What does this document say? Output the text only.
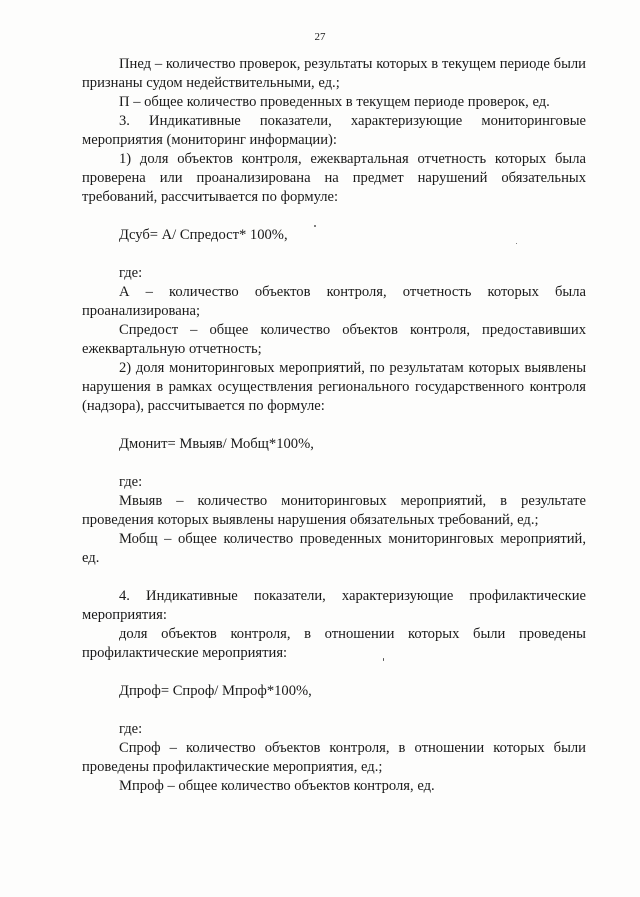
27

Пнед – количество проверок, результаты которых в текущем периоде были признаны судом недействительными, ед.;

П – общее количество проведенных в текущем периоде проверок, ед.

3. Индикативные показатели, характеризующие мониторинговые мероприятия (мониторинг информации):

1) доля объектов контроля, ежеквартальная отчетность которых была проверена или проанализирована на предмет нарушений обязательных требований, рассчитывается по формуле:

Дсуб= А/ Спредост* 100%,

где:

А – количество объектов контроля, отчетность которых была проанализирована;

Спредост – общее количество объектов контроля, предоставивших ежеквартальную отчетность;

2) доля мониторинговых мероприятий, по результатам которых выявлены нарушения в рамках осуществления регионального государственного контроля (надзора), рассчитывается по формуле:

Дмонит= Мвыяв/ Мобщ*100%,

где:

Мвыяв – количество мониторинговых мероприятий, в результате проведения которых выявлены нарушения обязательных требований, ед.;

Мобщ – общее количество проведенных мониторинговых мероприятий, ед.

4. Индикативные показатели, характеризующие профилактические мероприятия:

доля объектов контроля, в отношении которых были проведены профилактические мероприятия:

Дпроф= Спроф/ Мпроф*100%,

где:

Спроф – количество объектов контроля, в отношении которых были проведены профилактические мероприятия, ед.;

Мпроф – общее количество объектов контроля, ед.
